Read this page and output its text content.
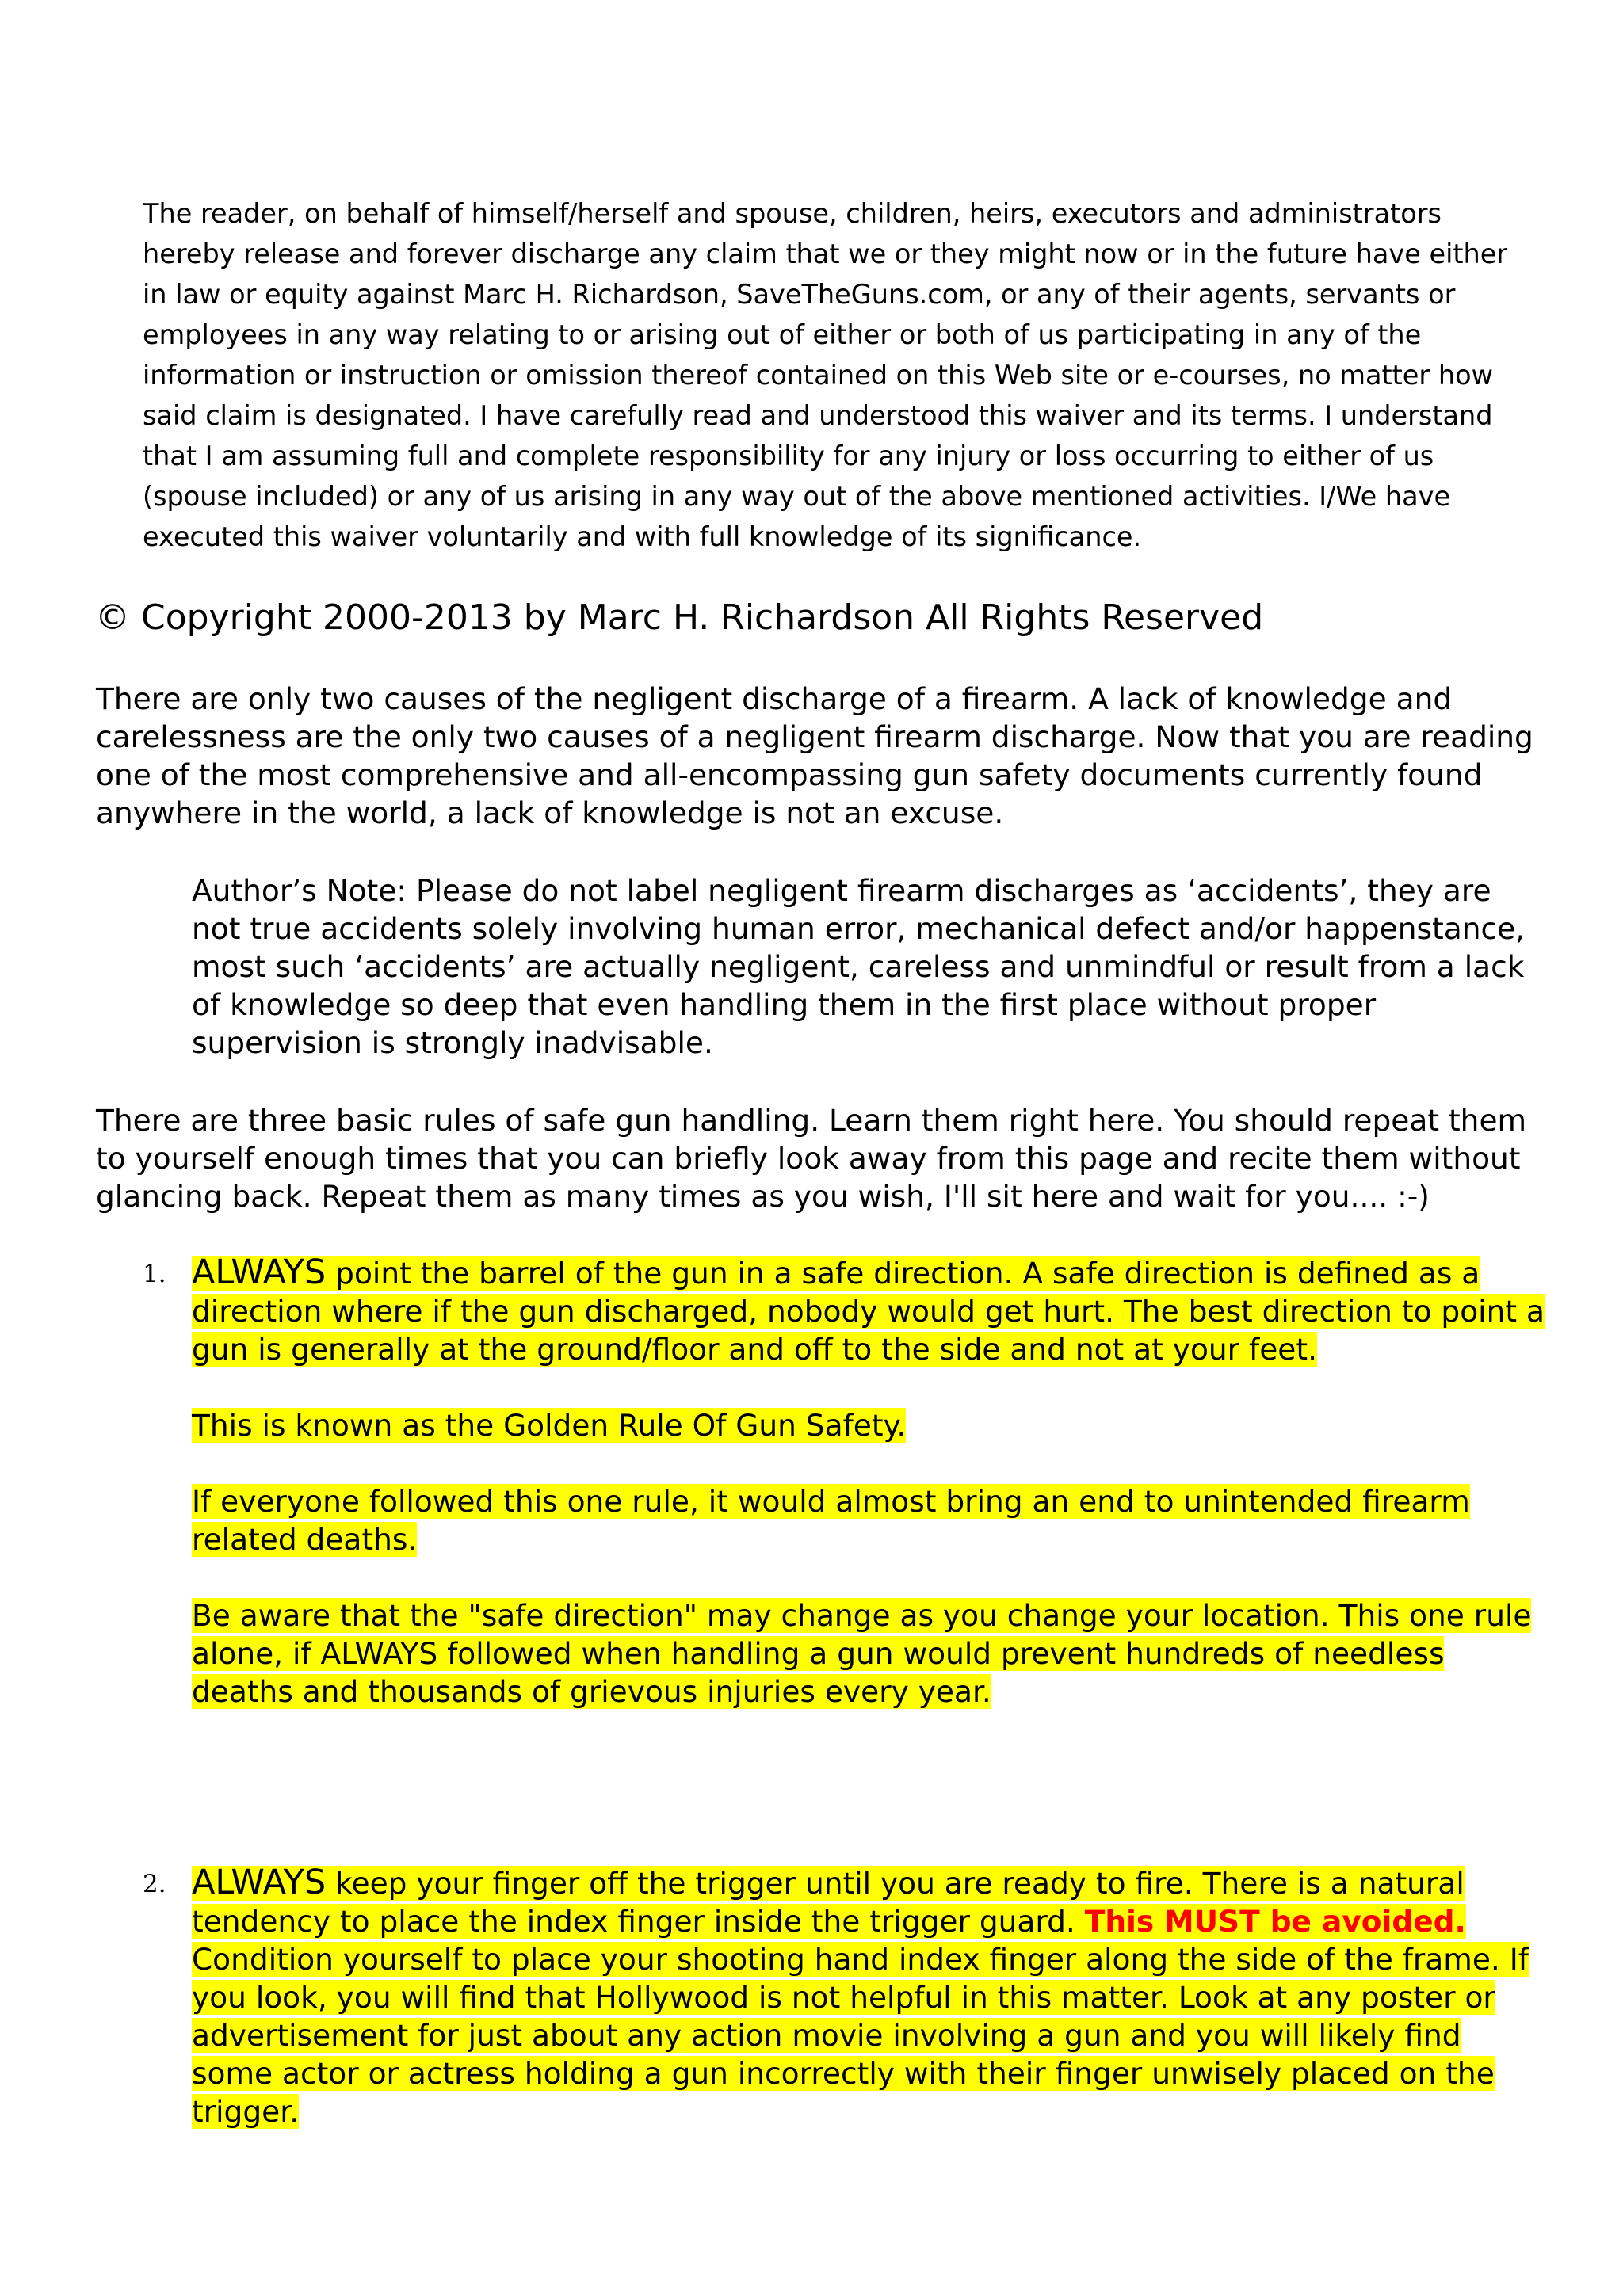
The reader, on behalf of himself/herself and spouse, children, heirs, executors and administrators hereby release and forever discharge any claim that we or they might now or in the future have either in law or equity against Marc H. Richardson, SaveTheGuns.com, or any of their agents, servants or employees in any way relating to or arising out of either or both of us participating in any of the information or instruction or omission thereof contained on this Web site or e-courses, no matter how said claim is designated. I have carefully read and understood this waiver and its terms. I understand that I am assuming full and complete responsibility for any injury or loss occurring to either of us (spouse included) or any of us arising in any way out of the above mentioned activities. I/We have executed this waiver voluntarily and with full knowledge of its significance.

© Copyright 2000-2013 by Marc H. Richardson All Rights Reserved

There are only two causes of the negligent discharge of a firearm. A lack of knowledge and carelessness are the only two causes of a negligent firearm discharge. Now that you are reading one of the most comprehensive and all-encompassing gun safety documents currently found anywhere in the world, a lack of knowledge is not an excuse.

Author’s Note: Please do not label negligent firearm discharges as ‘accidents’, they are not true accidents solely involving human error, mechanical defect and/or happenstance, most such ‘accidents’ are actually negligent, careless and unmindful or result from a lack of knowledge so deep that even handling them in the first place without proper supervision is strongly inadvisable.

There are three basic rules of safe gun handling. Learn them right here. You should repeat them to yourself enough times that you can briefly look away from this page and recite them without glancing back. Repeat them as many times as you wish, I'll sit here and wait for you.... :-)

1. ALWAYS point the barrel of the gun in a safe direction. A safe direction is defined as a direction where if the gun discharged, nobody would get hurt. The best direction to point a gun is generally at the ground/floor and off to the side and not at your feet.

This is known as the Golden Rule Of Gun Safety.

If everyone followed this one rule, it would almost bring an end to unintended firearm related deaths.

Be aware that the "safe direction" may change as you change your location. This one rule alone, if ALWAYS followed when handling a gun would prevent hundreds of needless deaths and thousands of grievous injuries every year.

2. ALWAYS keep your finger off the trigger until you are ready to fire. There is a natural tendency to place the index finger inside the trigger guard. This MUST be avoided. Condition yourself to place your shooting hand index finger along the side of the frame. If you look, you will find that Hollywood is not helpful in this matter. Look at any poster or advertisement for just about any action movie involving a gun and you will likely find some actor or actress holding a gun incorrectly with their finger unwisely placed on the trigger.
